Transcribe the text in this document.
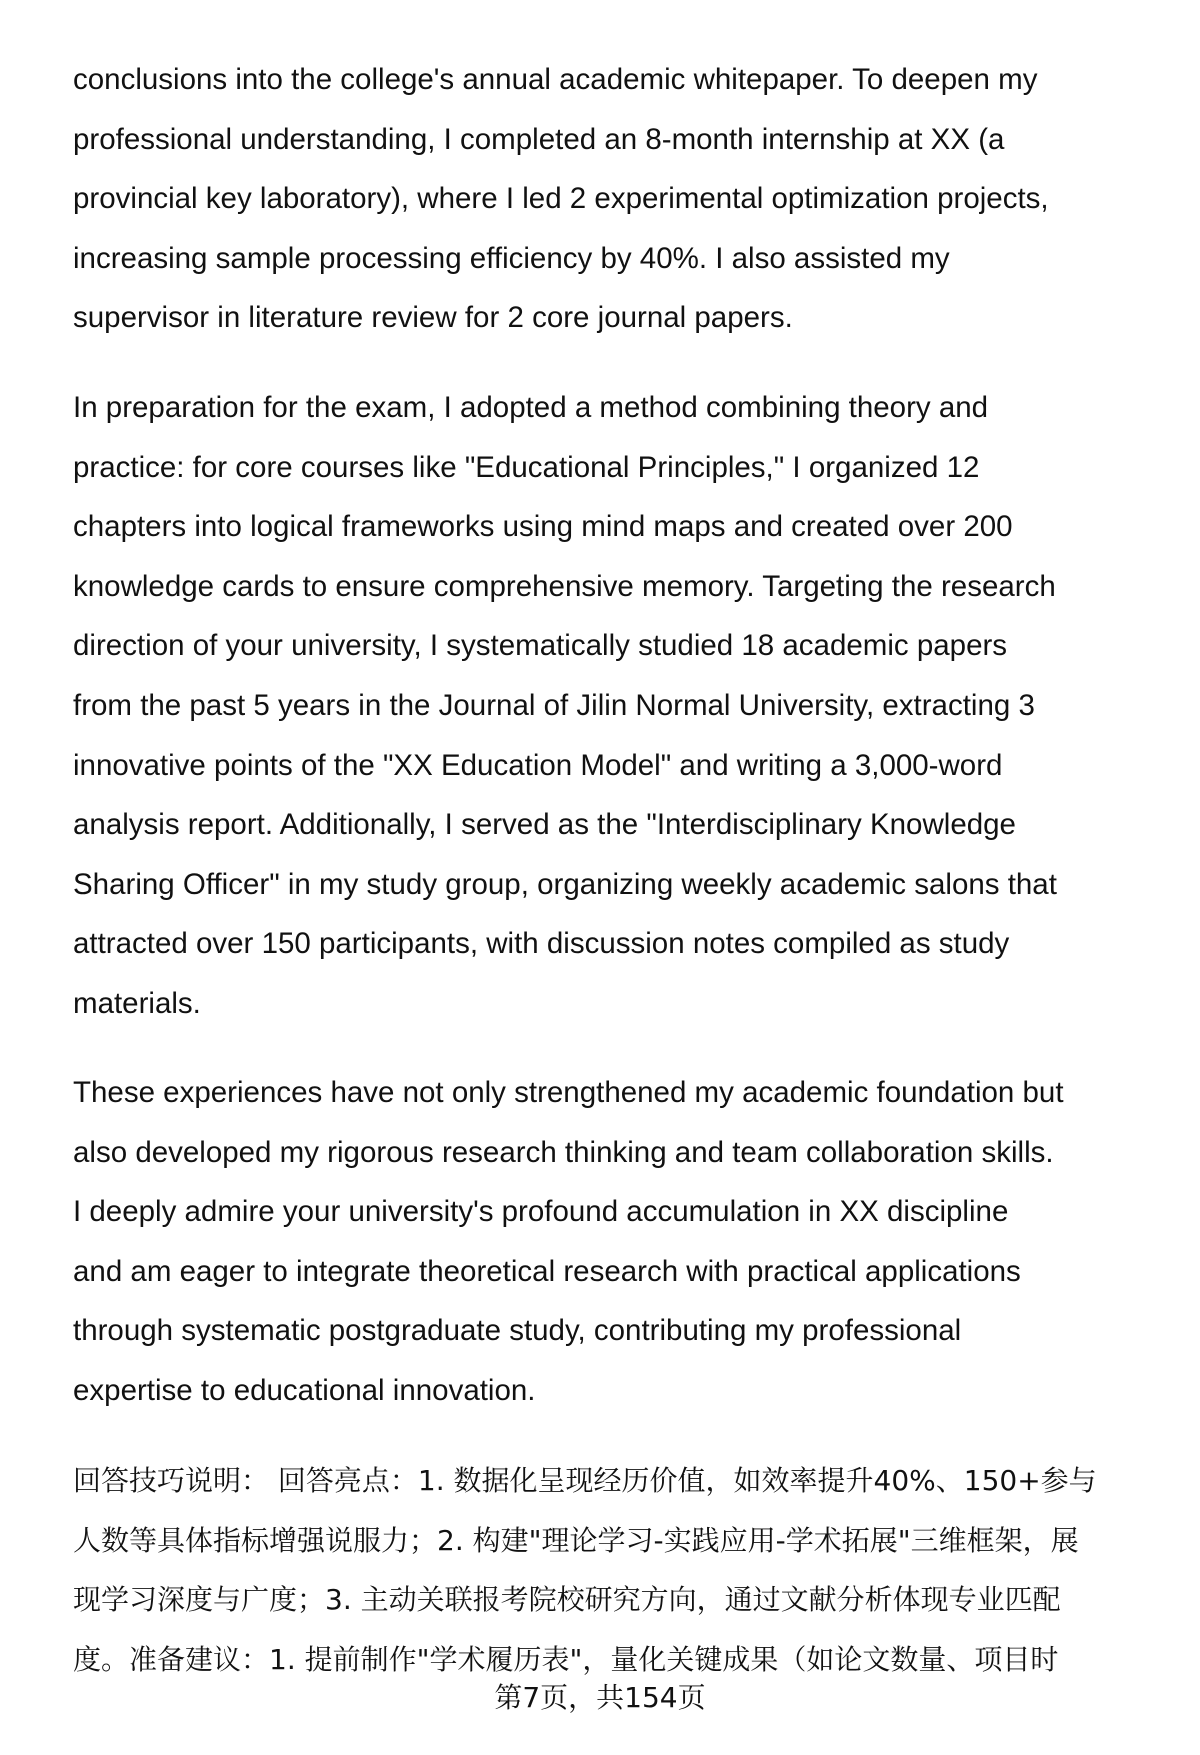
conclusions into the college's annual academic whitepaper. To deepen my
professional understanding, I completed an 8-month internship at XX (a
provincial key laboratory), where I led 2 experimental optimization projects,
increasing sample processing efficiency by 40%. I also assisted my
supervisor in literature review for 2 core journal papers.
In preparation for the exam, I adopted a method combining theory and
practice: for core courses like "Educational Principles," I organized 12
chapters into logical frameworks using mind maps and created over 200
knowledge cards to ensure comprehensive memory. Targeting the research
direction of your university, I systematically studied 18 academic papers
from the past 5 years in the Journal of Jilin Normal University, extracting 3
innovative points of the "XX Education Model" and writing a 3,000-word
analysis report. Additionally, I served as the "Interdisciplinary Knowledge
Sharing Officer" in my study group, organizing weekly academic salons that
attracted over 150 participants, with discussion notes compiled as study
materials.
These experiences have not only strengthened my academic foundation but
also developed my rigorous research thinking and team collaboration skills.
I deeply admire your university's profound accumulation in XX discipline
and am eager to integrate theoretical research with practical applications
through systematic postgraduate study, contributing my professional
expertise to educational innovation.
回答技巧说明： 回答亮点：1. 数据化呈现经历价值，如效率提升40%、150+参与
人数等具体指标增强说服力；2. 构建"理论学习-实践应用-学术拓展"三维框架，展
现学习深度与广度；3. 主动关联报考院校研究方向，通过文献分析体现专业匹配
度。准备建议：1. 提前制作"学术履历表"，量化关键成果（如论文数量、项目时
第7页，共154页
